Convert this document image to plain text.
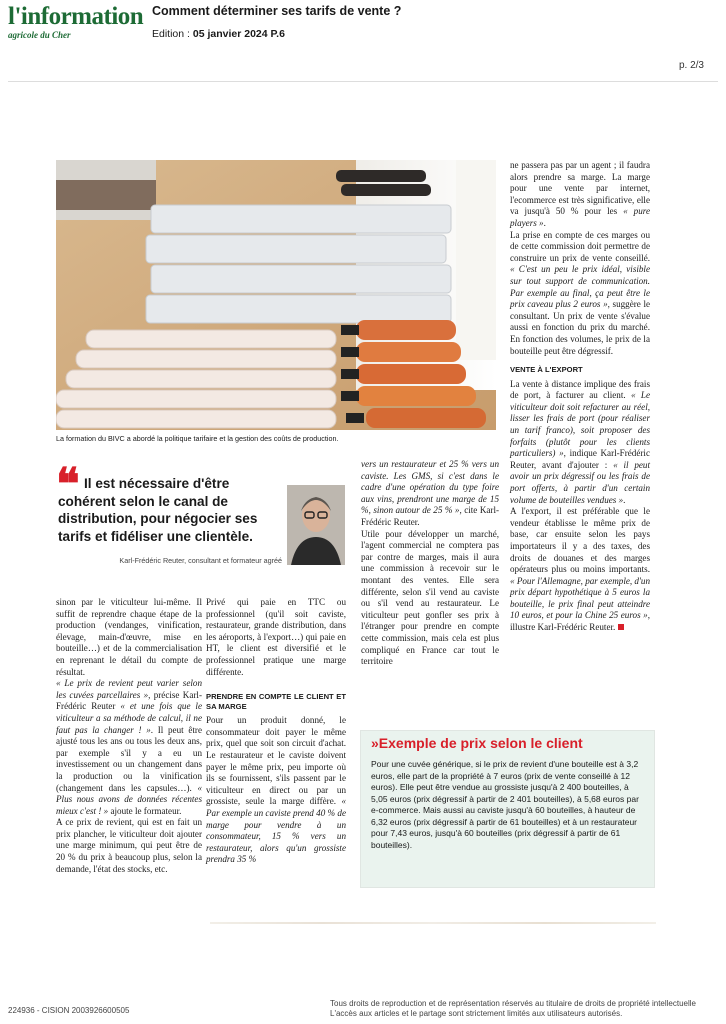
l'information
agricole du Cher
Comment déterminer ses tarifs de vente ?
Edition : 05 janvier 2024 P.6
p. 2/3
La formation du BIVC a abordé la politique tarifaire et la gestion des coûts de production.
❝ Il est nécessaire d'être cohérent selon le canal de distribution, pour négocier ses tarifs et fidéliser une clientèle.
Karl-Frédéric Reuter, consultant et formateur agréé

sinon par le viticulteur lui-même. Il suffit de reprendre chaque étape de la production (vendanges, vinification, élevage, main-d'œuvre, mise en bouteille…) et de la commercialisation en reprenant le détail du compte de résultat.

« Le prix de revient peut varier selon les cuvées parcellaires », précise Karl-Frédéric Reuter « et une fois que le viticulteur a sa méthode de calcul, il ne faut pas la changer ! ». Il peut être ajusté tous les ans ou tous les deux ans, par exemple s'il y a eu un investissement ou un changement dans la production ou la vinification (changement dans les capsules…). « Plus nous avons de données récentes mieux c'est ! » ajoute le formateur.

A ce prix de revient, qui est en fait un prix plancher, le viticulteur doit ajouter une marge minimum, qui peut être de 20 % du prix à beaucoup plus, selon la demande, l'état des stocks, etc.

Privé qui paie en TTC ou professionnel (qu'il soit caviste, restaurateur, grande distribution, dans les aéroports, à l'export…) qui paie en HT, le client est diversifié et le professionnel pratique une marge différente.

PRENDRE EN COMPTE LE CLIENT ET SA MARGE

Pour un produit donné, le consommateur doit payer le même prix, quel que soit son circuit d'achat. Le restaurateur et le caviste doivent payer le même prix, peu importe où ils se fournissent, s'ils passent par le viticulteur en direct ou par un grossiste, seule la marge diffère. « Par exemple un caviste prend 40 % de marge pour vendre à un consommateur, 15 % vers un restaurateur, alors qu'un grossiste prendra 35 %

vers un restaurateur et 25 % vers un caviste. Les GMS, si c'est dans le cadre d'une opération du type foire aux vins, prendront une marge de 15 %, sinon autour de 25 % », cite Karl-Frédéric Reuter.

Utile pour développer un marché, l'agent commercial ne comptera pas par contre de marges, mais il aura une commission à recevoir sur le montant des ventes. Elle sera différente, selon s'il vend au caviste ou s'il vend au restaurateur. Le viticulteur peut gonfler ses prix à l'étranger pour prendre en compte cette commission, mais cela est plus compliqué en France car tout le territoire

ne passera pas par un agent ; il faudra alors prendre sa marge. La marge pour une vente par internet, l'ecommerce est très significative, elle va jusqu'à 50 % pour les « pure players ».

La prise en compte de ces marges ou de cette commission doit permettre de construire un prix de vente conseillé. « C'est un peu le prix idéal, visible sur tout support de communication. Par exemple au final, ça peut être le prix caveau plus 2 euros », suggère le consultant. Un prix de vente s'évalue aussi en fonction du prix du marché. En fonction des volumes, le prix de la bouteille peut être dégressif.

VENTE À L'EXPORT

La vente à distance implique des frais de port, à facturer au client. « Le viticulteur doit soit refacturer au réel, lisser les frais de port (pour réaliser un tarif franco), soit proposer des forfaits (plutôt pour les clients particuliers) », indique Karl-Frédéric Reuter, avant d'ajouter : « il peut avoir un prix dégressif ou les frais de port offerts, à partir d'un certain volume de bouteilles vendues ».

A l'export, il est préférable que le vendeur établisse le même prix de base, car ensuite selon les pays importateurs il y a des taxes, des droits de douanes et des marges opérateurs plus ou moins importants. « Pour l'Allemagne, par exemple, d'un prix départ hypothétique à 5 euros la bouteille, le prix final peut atteindre 10 euros, et pour la Chine 25 euros », illustre Karl-Frédéric Reuter.

»Exemple de prix selon le client

Pour une cuvée générique, si le prix de revient d'une bouteille est à 3,2 euros, elle part de la propriété à 7 euros (prix de vente conseillé à 12 euros). Elle peut être vendue au grossiste jusqu'à 2 400 bouteilles, à 5,05 euros (prix dégressif à partir de 2 401 bouteilles), à 5,68 euros par e-commerce. Mais aussi au caviste jusqu'à 60 bouteilles, à hauteur de 6,32 euros (prix dégressif à partir de 61 bouteilles) et à un restaurateur pour 7,43 euros, jusqu'à 60 bouteilles (prix dégressif à partir de 61 bouteilles).

224936 - CISION 2003926600505
Tous droits de reproduction et de représentation réservés au titulaire de droits de propriété intellectuelle L'accès aux articles et le partage sont strictement limités aux utilisateurs autorisés.
